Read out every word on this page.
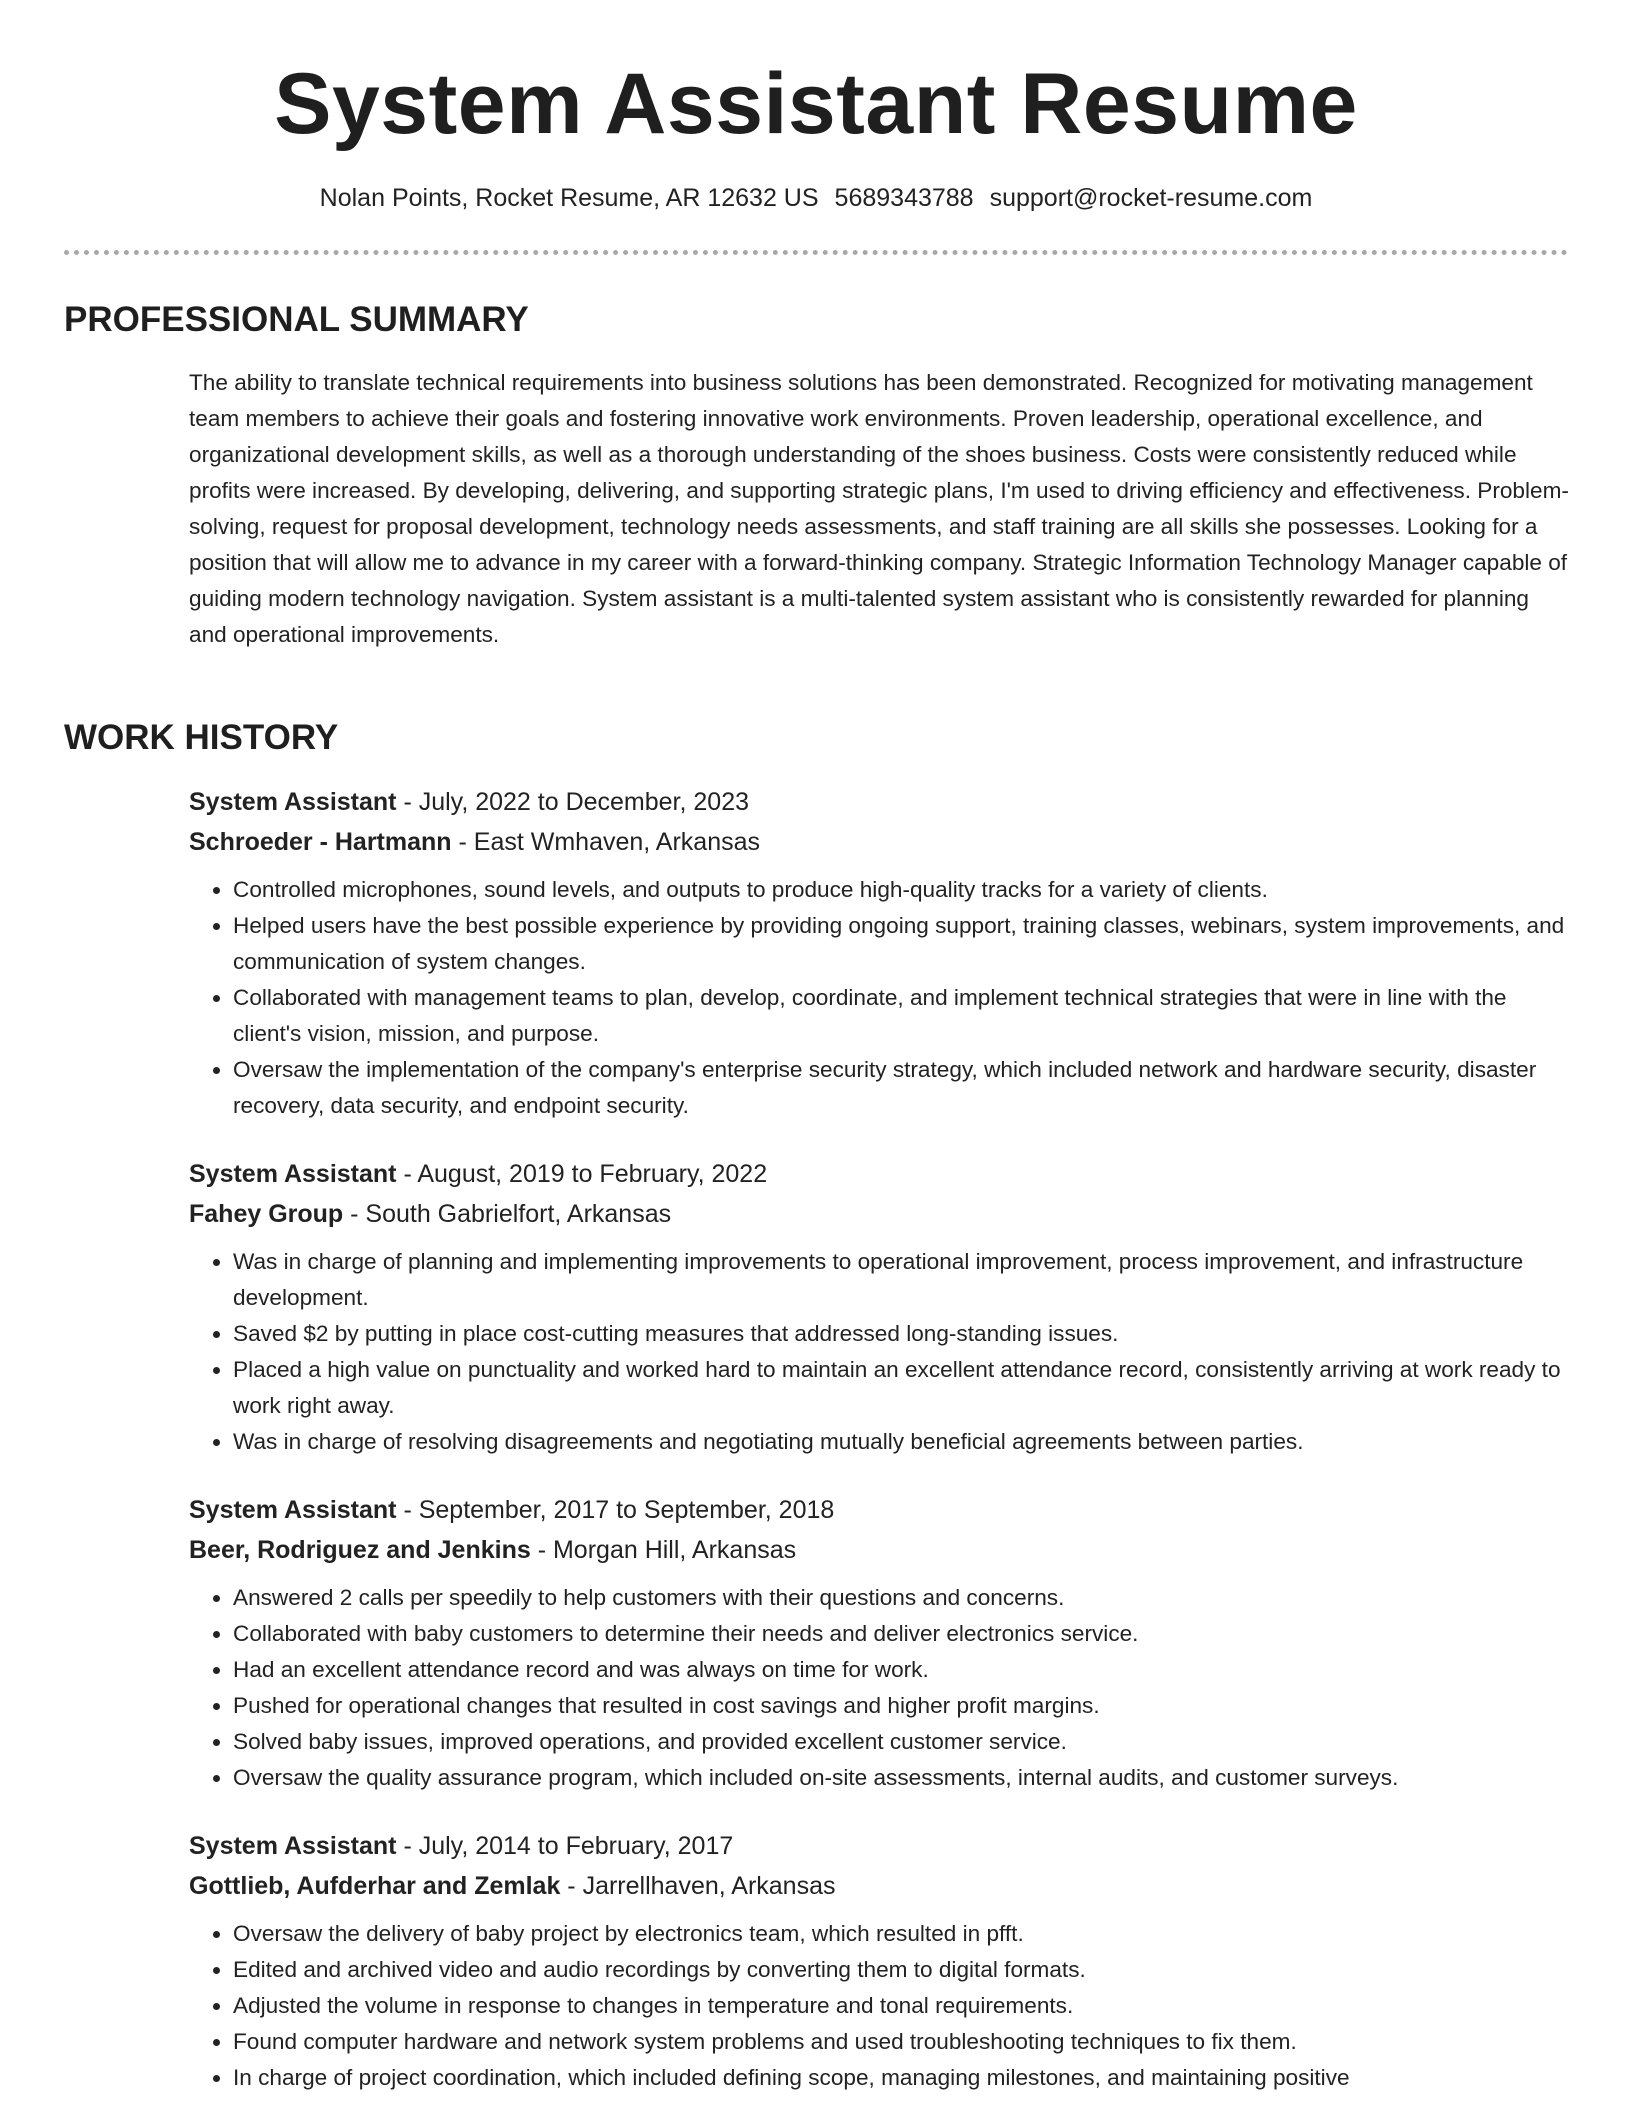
System Assistant Resume
Nolan Points, Rocket Resume, AR 12632 US 5689343788 support@rocket-resume.com
PROFESSIONAL SUMMARY

The ability to translate technical requirements into business solutions has been demonstrated. Recognized for motivating management team members to achieve their goals and fostering innovative work environments. Proven leadership, operational excellence, and organizational development skills, as well as a thorough understanding of the shoes business. Costs were consistently reduced while profits were increased. By developing, delivering, and supporting strategic plans, I'm used to driving efficiency and effectiveness. Problem-solving, request for proposal development, technology needs assessments, and staff training are all skills she possesses. Looking for a position that will allow me to advance in my career with a forward-thinking company. Strategic Information Technology Manager capable of guiding modern technology navigation. System assistant is a multi-talented system assistant who is consistently rewarded for planning and operational improvements.

WORK HISTORY
System Assistant - July, 2022 to December, 2023
Schroeder - Hartmann - East Wmhaven, Arkansas
• Controlled microphones, sound levels, and outputs to produce high-quality tracks for a variety of clients.
• Helped users have the best possible experience by providing ongoing support, training classes, webinars, system improvements, and communication of system changes.
• Collaborated with management teams to plan, develop, coordinate, and implement technical strategies that were in line with the client's vision, mission, and purpose.
• Oversaw the implementation of the company's enterprise security strategy, which included network and hardware security, disaster recovery, data security, and endpoint security.
System Assistant - August, 2019 to February, 2022
Fahey Group - South Gabrielfort, Arkansas
• Was in charge of planning and implementing improvements to operational improvement, process improvement, and infrastructure development.
• Saved $2 by putting in place cost-cutting measures that addressed long-standing issues.
• Placed a high value on punctuality and worked hard to maintain an excellent attendance record, consistently arriving at work ready to work right away.
• Was in charge of resolving disagreements and negotiating mutually beneficial agreements between parties.
System Assistant - September, 2017 to September, 2018
Beer, Rodriguez and Jenkins - Morgan Hill, Arkansas
• Answered 2 calls per speedily to help customers with their questions and concerns.
• Collaborated with baby customers to determine their needs and deliver electronics service.
• Had an excellent attendance record and was always on time for work.
• Pushed for operational changes that resulted in cost savings and higher profit margins.
• Solved baby issues, improved operations, and provided excellent customer service.
• Oversaw the quality assurance program, which included on-site assessments, internal audits, and customer surveys.
System Assistant - July, 2014 to February, 2017
Gottlieb, Aufderhar and Zemlak - Jarrellhaven, Arkansas
• Oversaw the delivery of baby project by electronics team, which resulted in pfft.
• Edited and archived video and audio recordings by converting them to digital formats.
• Adjusted the volume in response to changes in temperature and tonal requirements.
• Found computer hardware and network system problems and used troubleshooting techniques to fix them.
• In charge of project coordination, which included defining scope, managing milestones, and maintaining positive
